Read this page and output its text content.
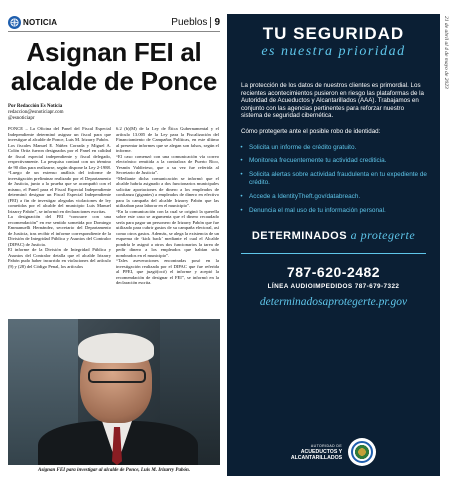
NOTICIA	Pueblos 9
Asignan FEI al alcalde de Ponce
Por Redacción Es Noticia
redaccion@esnoticiapr.com
@esnoticiapr

PONCE – La Oficina del Panel del Fiscal Especial Independiente determinó asignar un fiscal para que investigue al alcalde de Ponce, Luis M. Irizarry Pabón.

Los fiscales Manuel E. Núñez Corrada y Miguel A. Colón Ortiz fueron designados por el Panel en calidad de fiscal especial independiente y fiscal delegado, respectivamente. La pesquisa contará con un término de 90 días para realizarse, según dispone la Ley 2-1988.

“Luego de un extenso análisis del informe de investigación preliminar realizado por el Departamento de Justicia, junto a la prueba que se acompañó con el mismo, el Panel para el Fiscal Especial Independiente determinó designar un Fiscal Especial Independiente (FEI) a fin de investigar alegadas violaciones de ley cometidas por el alcalde del municipio Luis Manuel Irizarry Pabón”, se informó en declaraciones escritas.

La designación del FEI “concurre con una recomendación” en ese sentido sometida por Domingo Emmanuelli Hernández, secretario del Departamento de Justicia, tras recibir el informe correspondiente de la División de Integridad Pública y Asuntos del Contralor (DIPAC) de Justicia.

El informe de la División de Integridad Pública y Asuntos del Contralor detalla que el alcalde Irizarry Pabón pudo haber incurrido en violaciones del artículo (9) y (28) del Código Penal, los artículos

6.2 (b)(M) de la Ley de Ética Gubernamental y el artículo 13.005 de la Ley para la Fiscalización del Financiamiento de Campañas Políticas, en este último al presentar informes que se alegan son falsos, según el informe.

“El caso comenzó con una comunicación vía correo electrónico remitida a la contralora de Puerto Rico, Yesmín Valdivieso, que a su vez fue referida al Secretario de Justicia”.

“Mediante dicha comunicación se informó que el alcalde habría asignado a dos funcionarios municipales solicitar aportaciones de dinero a los empleados de confianza (gigantes) a empleados de dinero en efectivo para la campaña del alcalde Irizarry Pabón que las utilizaban para laborar en el municipio”.

“En la comunicación con la cual se originó la querella sobre este caso se argumenta que el dinero recaudado sería para pagar un personero de Irizarry Pabón que fue utilizado para cubrir gastos de su campaña electoral, así como otros gastos. Además, se alega la existencia de un esquema de ‘kick back’ mediante el cual el Alcalde pondría le asignó a otros dos funcionarios la tarea de pedir dinero a los empleados que habían sido nombrados en el municipio”.

“Tales aseveraciones encontradas posó en la investigación realizada por el DIPAC que fue referida al PFEI, que juzgó(ocó) el informe y aceptó la recomendación de designar el FEI”, se informó en la declaración escrita.

Asignan FEI para investigar al alcalde de Ponce, Luis M. Irizarry Pabón.
TU SEGURIDAD
es nuestra prioridad

La protección de los datos de nuestros clientes es primordial. Los recientes acontecimientos pusieron en riesgo las plataformas de la Autoridad de Acueductos y Alcantarillados (AAA). Trabajamos en conjunto con las agencias pertinentes para reforzar nuestro sistema de seguridad cibernética.

Cómo protegerte ante el posible robo de identidad:

• Solicita un informe de crédito gratuito.
• Monitorea frecuentemente tu actividad crediticia.
• Solicita alertas sobre actividad fraudulenta en tu expediente de crédito.
• Accede a IdentityTheft.gov/databreach.
• Denuncia el mal uso de tu información personal.
DETERMINADOS a protegerte
787-620-2482
LÍNEA AUDIOIMPEDIDOS 787-679-7322
determinadosaprotegerte.pr.gov
AUTORIDAD DE
ACUEDUCTOS Y
ALCANTARILLADOS
21 de abril al 4 de mayo de 2023
